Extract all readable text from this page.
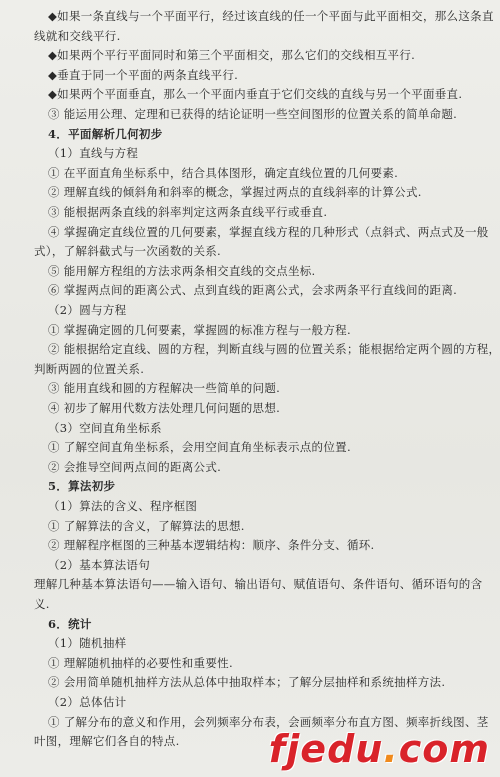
◆如果一条直线与一个平面平行，经过该直线的任一个平面与此平面相交，那么这条直
线就和交线平行.
◆如果两个平行平面同时和第三个平面相交，那么它们的交线相互平行.
◆垂直于同一个平面的两条直线平行.
◆如果两个平面垂直，那么一个平面内垂直于它们交线的直线与另一个平面垂直.
③ 能运用公理、定理和已获得的结论证明一些空间图形的位置关系的简单命题.
4．平面解析几何初步
（1）直线与方程
① 在平面直角坐标系中，结合具体图形，确定直线位置的几何要素.
② 理解直线的倾斜角和斜率的概念，掌握过两点的直线斜率的计算公式.
③ 能根据两条直线的斜率判定这两条直线平行或垂直.
④ 掌握确定直线位置的几何要素，掌握直线方程的几种形式（点斜式、两点式及一般
式），了解斜截式与一次函数的关系.
⑤ 能用解方程组的方法求两条相交直线的交点坐标.
⑥ 掌握两点间的距离公式、点到直线的距离公式，会求两条平行直线间的距离.
（2）圆与方程
① 掌握确定圆的几何要素，掌握圆的标准方程与一般方程.
② 能根据给定直线、圆的方程，判断直线与圆的位置关系；能根据给定两个圆的方程，
判断两圆的位置关系.
③ 能用直线和圆的方程解决一些简单的问题.
④ 初步了解用代数方法处理几何问题的思想.
（3）空间直角坐标系
① 了解空间直角坐标系，会用空间直角坐标表示点的位置.
② 会推导空间两点间的距离公式.
5．算法初步
（1）算法的含义、程序框图
① 了解算法的含义，了解算法的思想.
② 理解程序框图的三种基本逻辑结构：顺序、条件分支、循环.
（2）基本算法语句
理解几种基本算法语句——输入语句、输出语句、赋值语句、条件语句、循环语句的含
义.
6．统计
（1）随机抽样
① 理解随机抽样的必要性和重要性.
② 会用简单随机抽样方法从总体中抽取样本；了解分层抽样和系统抽样方法.
（2）总体估计
① 了解分布的意义和作用，会列频率分布表，会画频率分布直方图、频率折线图、茎
叶图，理解它们各自的特点.	fjedu.com
